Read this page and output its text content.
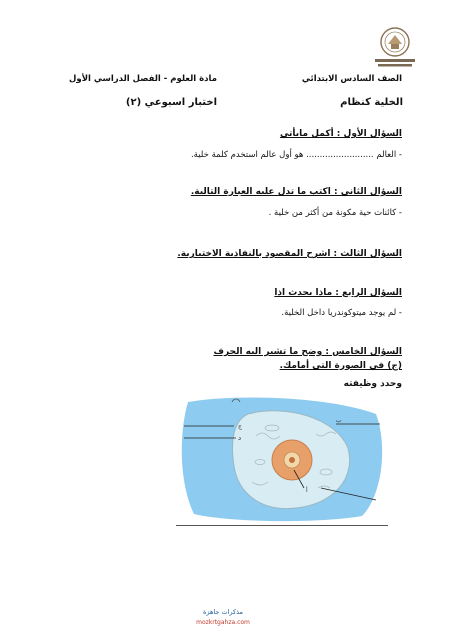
الصف السادس الابتدائي
مادة العلوم - الفصل الدراسي الأول
الخلية كنظام
اختبار اسبوعي (٢)
السؤال الأول : أكمل مايأتي
- العالم ......................... هو أول عالم استخدم كلمة خلية.
السؤال الثاني : اكتب ما تدل عليه العبارة التالية.
- كائنات حية مكونة من أكثر من خلية .
السؤال الثالث : اشرح المقصود بالنفاذية الاختيارية.
السؤال الرابع : ماذا يحدث اذا
- لم يوجد ميتوكوندريا داخل الخلية.
السؤال الخامس : وضح ما تشير اليه الحرف
(ج) في الصورة التى أمامك.
وحدد وظيفته
ج
ب
أ
د
مذكرات جاهزة
mozkrtgahza.com
